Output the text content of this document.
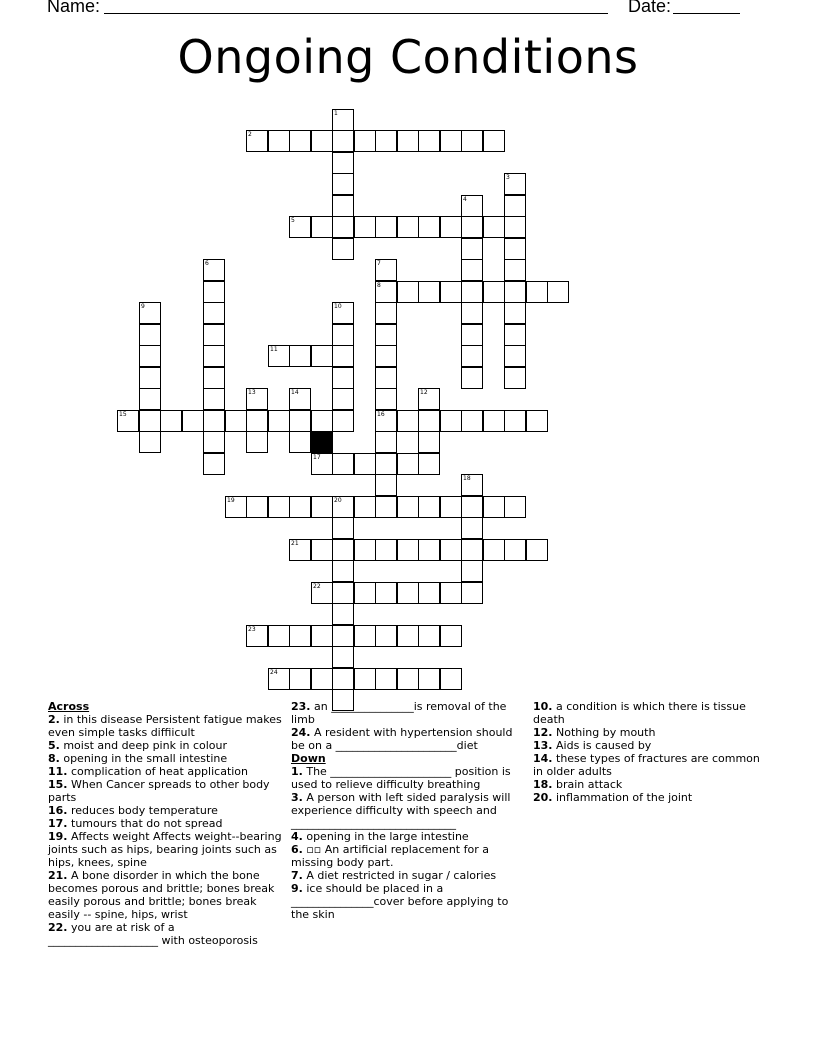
Name:	Date:
Ongoing Conditions
2
5
8
11
15	16
17
19	20
21
22
23
24
1
3
4
6	7
9	10
12
13	14
18
Across
2. in this disease Persistent fatigue makes even simple tasks diffiicult
5. moist and deep pink in colour
8. opening in the small intestine
11. complication of heat application
15. When Cancer spreads to other body parts
16. reduces body temperature
17. tumours that do not spread
19. Affects weight Affects weight--bearing joints such as hips, bearing joints such as hips, knees, spine
21. A bone disorder in which the bone becomes porous and brittle; bones break easily porous and brittle; bones break easily -- spine, hips, wrist
22. you are at risk of a ____________________ with osteoporosis
23. an _______________is removal of the limb
24. A resident with hypertension should be on a ______________________diet
Down
1. The ______________________ position is used to relieve difficulty breathing
3. A person with left sided paralysis will experience difficulty with speech and ______________________________
4. opening in the large intestine
6. ▫▫ An artificial replacement for a missing body part.
7. A diet restricted in sugar / calories
9. ice should be placed in a _______________cover before applying to the skin
10. a condition is which there is tissue death
12. Nothing by mouth
13. Aids is caused by
14. these types of fractures are common in older adults
18. brain attack
20. inflammation of the joint
